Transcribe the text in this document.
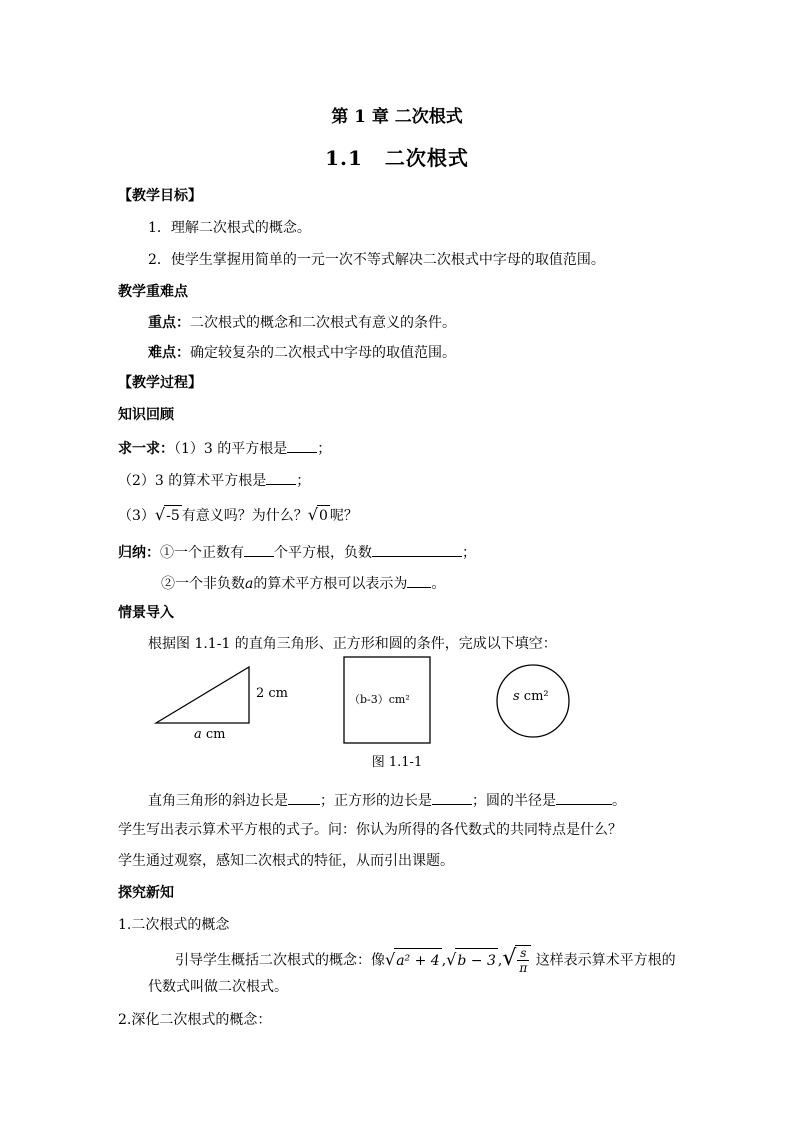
第 1 章 二次根式
1.1 二次根式
【教学目标】
1．理解二次根式的概念。
2．使学生掌握用简单的一元一次不等式解决二次根式中字母的取值范围。
教学重难点
重点：二次根式的概念和二次根式有意义的条件。
难点：确定较复杂的二次根式中字母的取值范围。
【教学过程】
知识回顾
求一求：（1）3 的平方根是 ；
（2）3 的算术平方根是 ；
（3）√-5 有意义吗？为什么？√0 呢？
归纳：①一个正数有 个平方根，负数	；
②一个非负数a的算术平方根可以表示为 。
情景导入
根据图 1.1-1 的直角三角形、正方形和圆的条件，完成以下填空：
2 cm
a cm
（b-3）cm²	s cm²
图 1.1-1
直角三角形的斜边长是 ；正方形的边长是	；圆的半径是	。
学生写出表示算术平方根的式子。问：你认为所得的各代数式的共同特点是什么？
学生通过观察，感知二次根式的特征，从而引出课题。
探究新知
1.二次根式的概念
引导学生概括二次根式的概念：像√a² + 4 ,√b − 3 ,√ $\frac{s}{\pi}$ 这样表示算术平方根的
代数式叫做二次根式。
2.深化二次根式的概念：
